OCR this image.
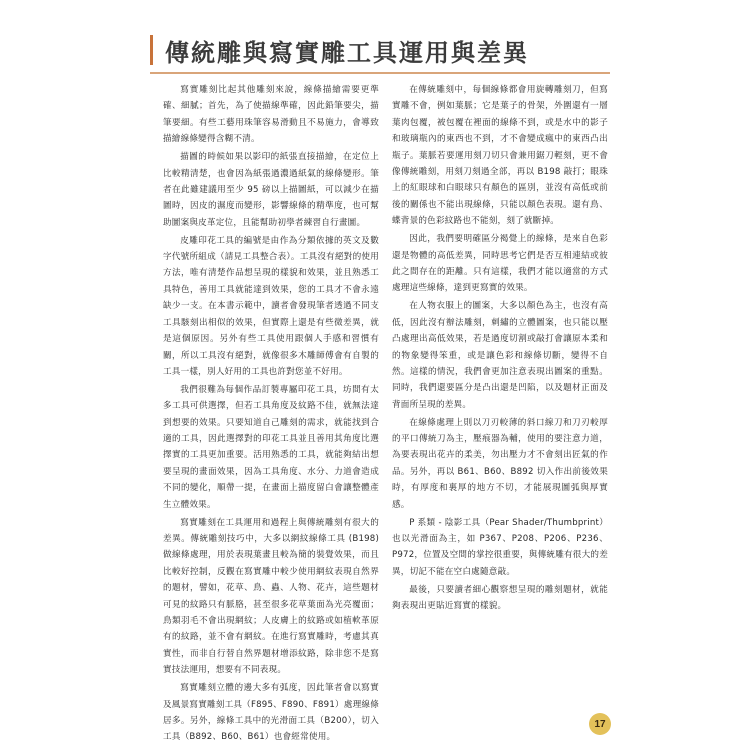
傳統雕與寫實雕工具運用與差異

寫實雕刻比起其他雕刻來說，線條描繪需要更準確、細膩；首先，為了使描線準確，因此鉛筆要尖，描筆要細。有些工藝用珠筆容易滑動且不易施力，會導致描繪線條變得含糊不清。

描圖的時候如果以影印的紙張直接描繪，在定位上比較精清楚，也會因為紙張過濃過紙氣的線條變形。筆者在此雖建議用至少 95 磅以上描圖紙，可以減少在描圖時，因皮的濕度而變形，影響線條的精準度，也可幫助圖案與皮革定位，且能幫助初學者練習自行畫圖。

皮雕印花工具的編號是由作為分類依據的英文及數字代號所組成（請見工具整合表）。工具沒有絕對的使用方法，唯有清楚作品想呈現的樣貌和效果，並且熟悉工具特色，善用工具就能達到效果，您的工具才不會永遠缺少一支。在本書示範中，讀者會發現筆者透過不同支工具駭刻出相似的效果，但實際上還是有些微差異，就是這個原因。另外有些工具使用跟個人手感和習慣有關，所以工具沒有絕對，就像很多木雕師傅會有自製的工具一樣，別人好用的工具也許對您並不好用。

我們很難為每個作品訂製專屬印花工具，坊間有太多工具可供選擇，但若工具角度及紋路不佳，就無法達到想要的效果。只要知道自己雕刻的需求，就能找到合適的工具，因此選擇對的印花工具並且善用其角度比選擇實的工具更加重要。活用熟悉的工具，就能夠結出想要呈現的畫面效果，因為工具角度、水分、力道會造成不同的變化，順帶一提，在畫面上描度留白會讓整體產生立體效果。

寫實雕刻在工具運用和過程上與傳統雕刻有很大的差異。傳統雕刻技巧中，大多以網紋線條工具 (B198) 做線條處理，用於表現葉畫且較為簡的裝覺效果，而且比較好控制，反觀在寫實雕中較少使用網紋表現自然界的題材，譬如，花草、鳥、蟲、人物、花卉，這些題材可見的紋路只有脈胳，甚至很多花草葉面為光亮覆面；鳥類羽毛不會出現網紋；人皮膚上的紋路或如植軟革原有的紋路，並不會有網紋。在進行寫實雕時，考慮其真實性，而非自行替自然界題材增添紋路，除非您不是寫實技法運用，想要有不同表現。

寫實雕刻立體的邊大多有弧度，因此筆者會以寫實及風景寫實雕刻工具（F895、F890、F891）處理線條居多。另外，線條工具中的光滑面工具（B200），切入工具（B892、B60、B61）也會經常使用。

在傳統雕刻中，每個線條都會用旋轉雕刻刀，但寫實雕不會，例如葉脈；它是葉子的骨架，外圍還有一層葉肉包覆，被包覆在裡面的線條不到，或是水中的影子和玻璃瓶內的東西也不到，才不會變成瘋中的東西凸出瓶子。葉脈若要運用刻刀切只會兼用鋸刀輕刻，更不會像傳統雕刻，用刻刀刻過全部，再以 B198 敲打；眼珠上的紅眼球和白眼球只有顏色的區別，並沒有高低或前後的關係也不能出現線條，只能以顏色表現。還有鳥、蝶背景的色彩紋路也不能刻，刻了就斷掉。

因此，我們要明確區分褐覺上的線條，是來自色彩還是物體的高低差異，同時思考它們是否互相連結或彼此之間存在的距離。只有這樣，我們才能以適當的方式處理這些線條，達到更寫實的效果。

在人物衣服上的圖案，大多以顏色為主，也沒有高低，因此沒有辦法雕刻，刺繡的立體圖案，也只能以壓凸處理出高低效果，若是過度切割或敲打會讓原本柔和的物象變得笨重，或是讓色彩和線條切斷，變得不自然。這樣的情況，我們會更加注意表現出圖案的重點。同時，我們還要區分是凸出還是凹陷，以及題材正面及背面所呈現的差異。

在線條處理上則以刀刃較薄的斜口線刀和刀刃較厚的平口傳統刀為主，壓痕器為輔，使用的要注意力道，為要表現出花卉的柔美，勿出壓力才不會刻出匠氣的作品。另外，再以 B61、B60、B892 切入作出前後效果時，有厚度和裏厚的地方不切，才能展現圖弧與厚實感。

P 系類 - 陰影工具（Pear Shader/Thumbprint）也以光滑面為主，如 P367、P208、P206、P236、P972，位置及空間的掌控很重要，與傳統雕有很大的差異，切記不能在空白處隨意敲。

最後，只要讀者細心觀察想呈現的雕刻題材，就能夠表現出更貼近寫實的樣貌。

17
